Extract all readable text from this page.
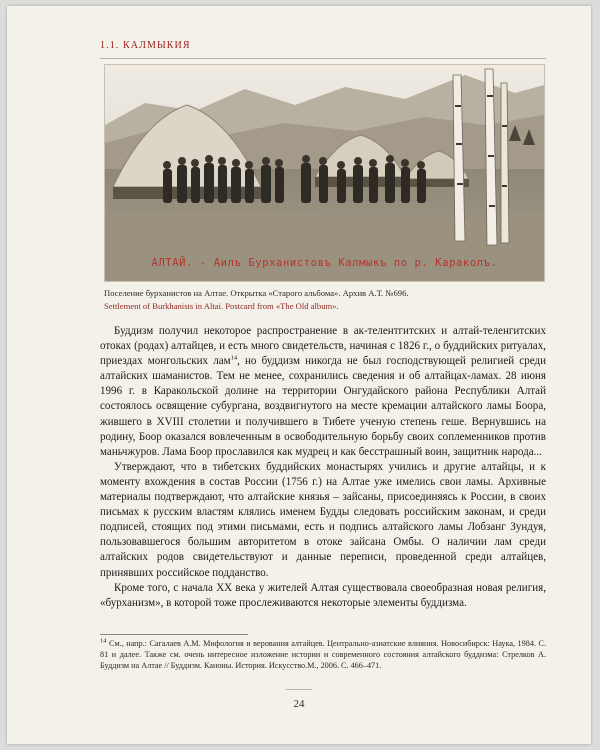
1.1. КАЛМЫКИЯ
АЛТАЙ. - Аилъ Бурханистовъ Калмыкъ по р. Караколъ.
Поселение бурханистов на Алтае. Открытка «Старого альбома». Архив А.Т. №696.
Settlement of Burkhanists in Altai. Postcard from «The Old album».

Буддизм получил некоторое распространение в ак-телентгитских и алтай-теленгитских отоках (родах) алтайцев, и есть много свидетельств, начиная с 1826 г., о буддийских ритуалах, приездах монгольских лам$^{14}$, но буддизм никогда не был господствующей религией среди алтайских шаманистов. Тем не менее, сохранились сведения и об алтайцах-ламах. 28 июня 1996 г. в Каракольской долине на территории Онгудайского района Республики Алтай состоялось освящение субургана, воздвигнутого на месте кремации алтайского ламы Боора, жившего в XVIII столетии и получившего в Тибете ученую степень геше. Вернувшись на родину, Боор оказался вовлеченным в освободительную борьбу своих соплеменников против маньчжуров. Лама Боор прославился как мудрец и как бесстрашный воин, защитник народа...

Утверждают, что в тибетских буддийских монастырях учились и другие алтайцы, и к моменту вхождения в состав России (1756 г.) на Алтае уже имелись свои ламы. Архивные материалы подтверждают, что алтайские князья – зайсаны, присоединяясь к России, в своих письмах к русским властям клялись именем Будды следовать российским законам, и среди подписей, стоящих под этими письмами, есть и подпись алтайского ламы Лобзанг Зундуя, пользовавшегося большим авторитетом в отоке зайсана Омбы. О наличии лам среди алтайских родов свидетельствуют и данные переписи, проведенной среди алтайцев, принявших российское подданство.

Кроме того, с начала XX века у жителей Алтая существовала своеобразная новая религия, «бурханизм», в которой тоже прослеживаются некоторые элементы буддизма.

$^{14}$ См., напр.: Сагалаев А.М. Мифология и верования алтайцев. Центрально-азиатские влияния. Новосибирск: Наука, 1984. С. 81 и далее. Также см. очень интересное изложение истории и современного состояния алтайского буддизма: Стрелков А. Буддизм на Алтае // Буддизм. Каноны. История. Искусство.М., 2006. С. 466–471.
24
